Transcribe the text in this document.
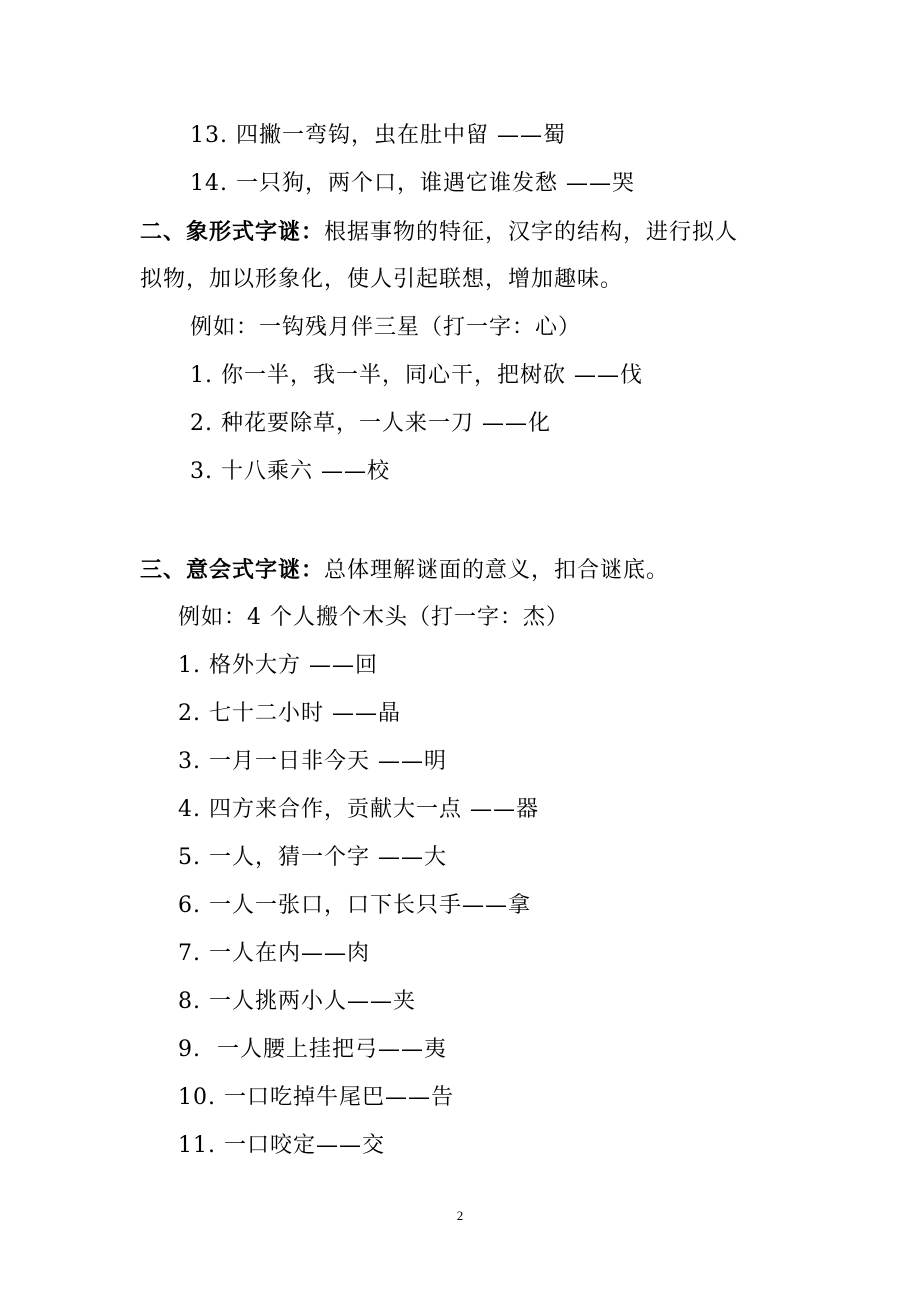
13. 四撇一弯钩，虫在肚中留 ——蜀
14. 一只狗，两个口，谁遇它谁发愁 ——哭
二、象形式字谜：根据事物的特征，汉字的结构，进行拟人
拟物，加以形象化，使人引起联想，增加趣味。
例如：一钩残月伴三星（打一字：心）
1. 你一半，我一半，同心干，把树砍 ——伐
2. 种花要除草，一人来一刀 ——化
3. 十八乘六 ——校
三、意会式字谜：总体理解谜面的意义，扣合谜底。
例如：4 个人搬个木头（打一字：杰）
1. 格外大方 ——回
2. 七十二小时 ——晶
3. 一月一日非今天 ——明
4. 四方来合作，贡献大一点 ——器
5. 一人，猜一个字 ——大
6. 一人一张口，口下长只手——拿
7. 一人在内——肉
8. 一人挑两小人——夹
9.  一人腰上挂把弓——夷
10. 一口吃掉牛尾巴——告
11. 一口咬定——交
2
